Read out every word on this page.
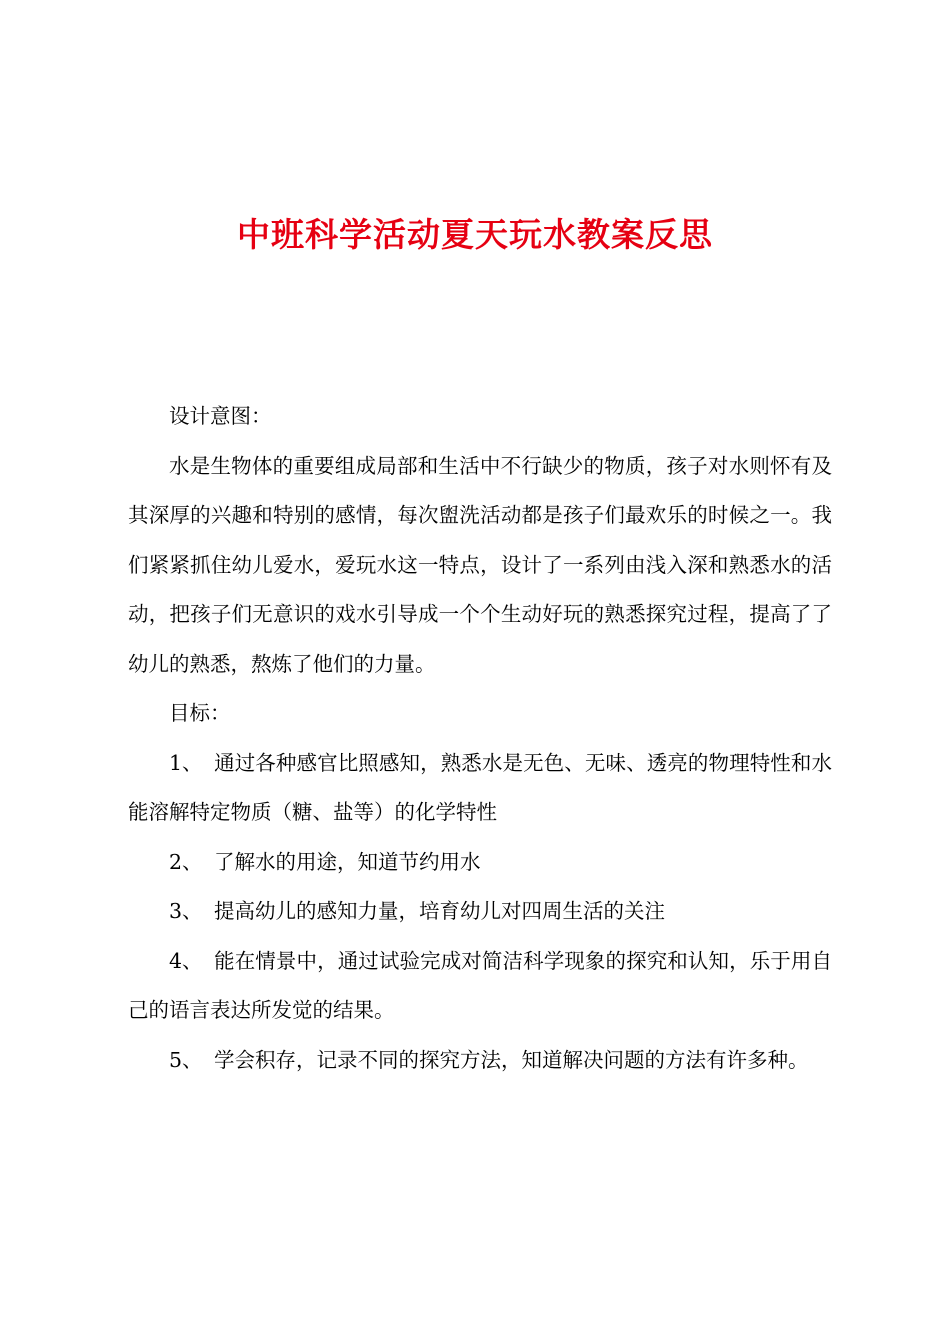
中班科学活动夏天玩水教案反思

设计意图：

水是生物体的重要组成局部和生活中不行缺少的物质，孩子对水则怀有及其深厚的兴趣和特别的感情，每次盥洗活动都是孩子们最欢乐的时候之一。我们紧紧抓住幼儿爱水，爱玩水这一特点，设计了一系列由浅入深和熟悉水的活动，把孩子们无意识的戏水引导成一个个生动好玩的熟悉探究过程，提高了了幼儿的熟悉，熬炼了他们的力量。

目标：

1、 通过各种感官比照感知，熟悉水是无色、无味、透亮的物理特性和水能溶解特定物质（糖、盐等）的化学特性

2、 了解水的用途，知道节约用水

3、 提高幼儿的感知力量，培育幼儿对四周生活的关注

4、 能在情景中，通过试验完成对简洁科学现象的探究和认知，乐于用自己的语言表达所发觉的结果。

5、 学会积存，记录不同的探究方法，知道解决问题的方法有许多种。
